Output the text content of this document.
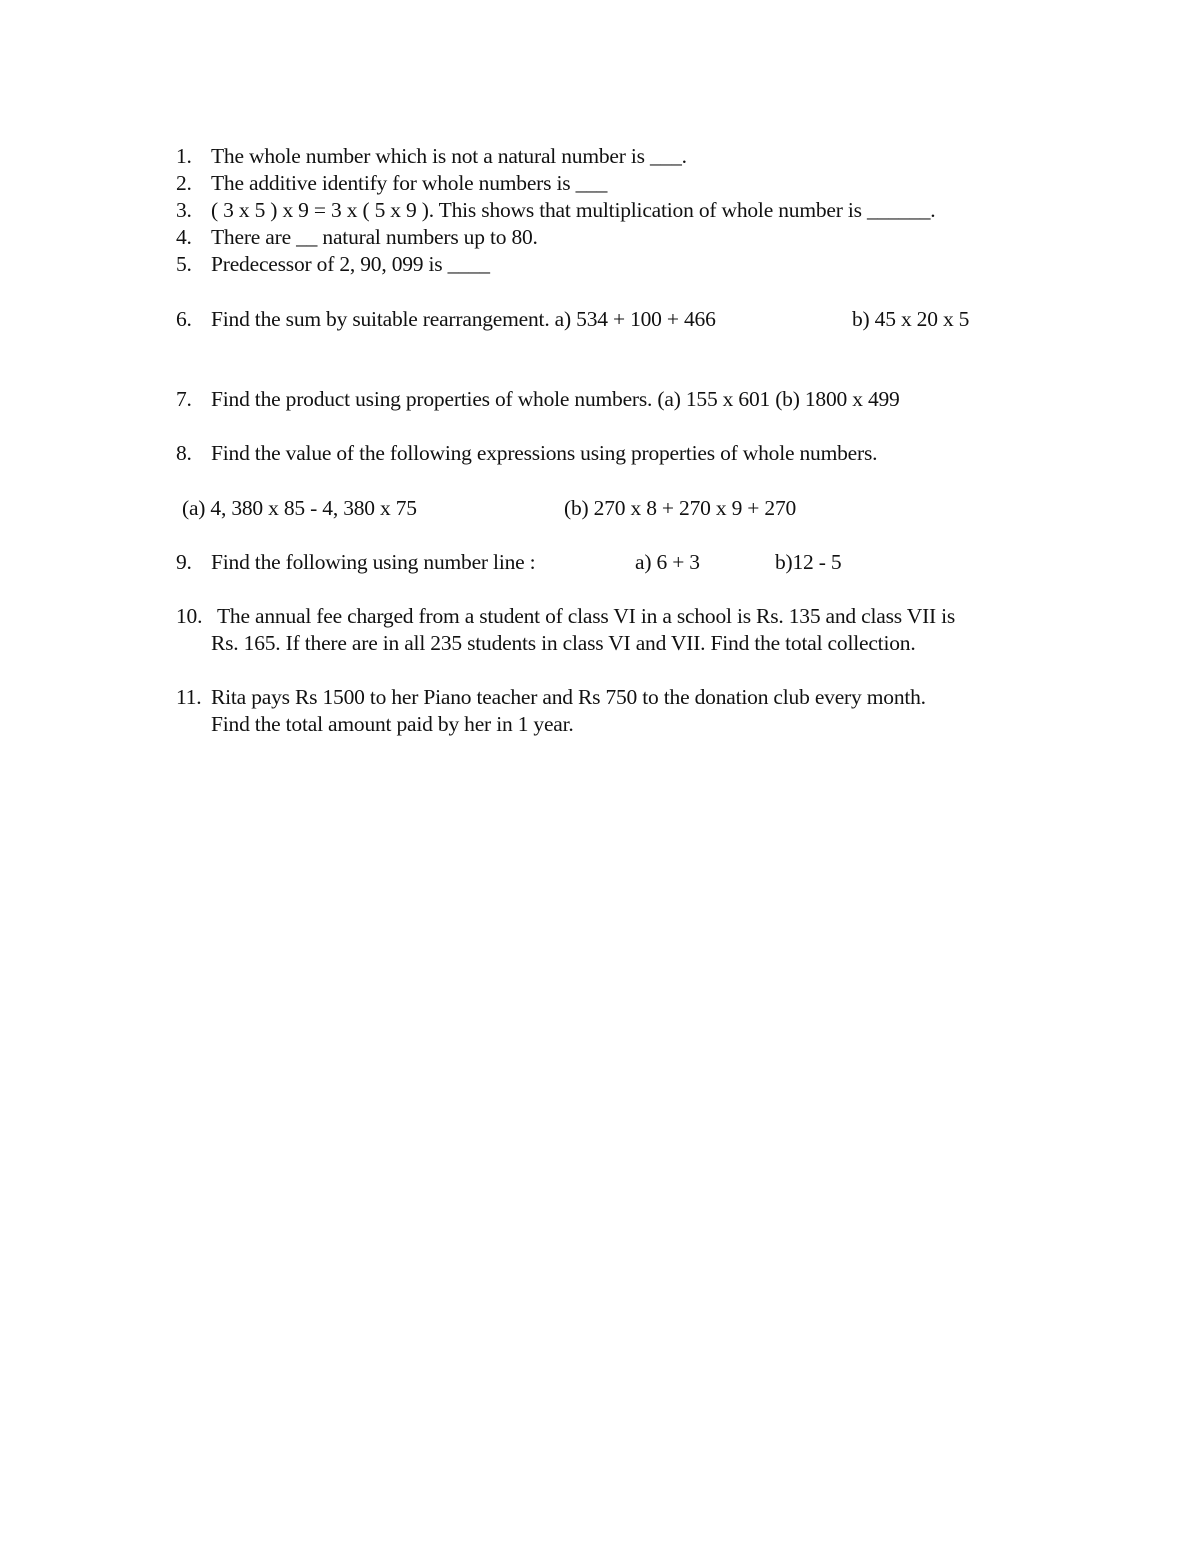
1. The whole number which is not a natural number is ___.
2. The additive identify for whole numbers is ___
3. ( 3 x 5 ) x 9 = 3 x ( 5 x 9 ). This shows that multiplication of whole number is ______.
4. There are __ natural numbers up to 80.
5. Predecessor of 2, 90, 099 is ____
6. Find the sum by suitable rearrangement. a) 534 + 100 + 466	b) 45 x 20 x 5
7. Find the product using properties of whole numbers. (a) 155 x 601 (b) 1800 x 499
8. Find the value of the following expressions using properties of whole numbers.
(a) 4, 380 x 85 - 4, 380 x 75	(b) 270 x 8 + 270 x 9 + 270
9. Find the following using number line :	a) 6 + 3	b)12 - 5
10. The annual fee charged from a student of class VI in a school is Rs. 135 and class VII is
Rs. 165. If there are in all 235 students in class VI and VII. Find the total collection.
11. Rita pays Rs 1500 to her Piano teacher and Rs 750 to the donation club every month.
Find the total amount paid by her in 1 year.
